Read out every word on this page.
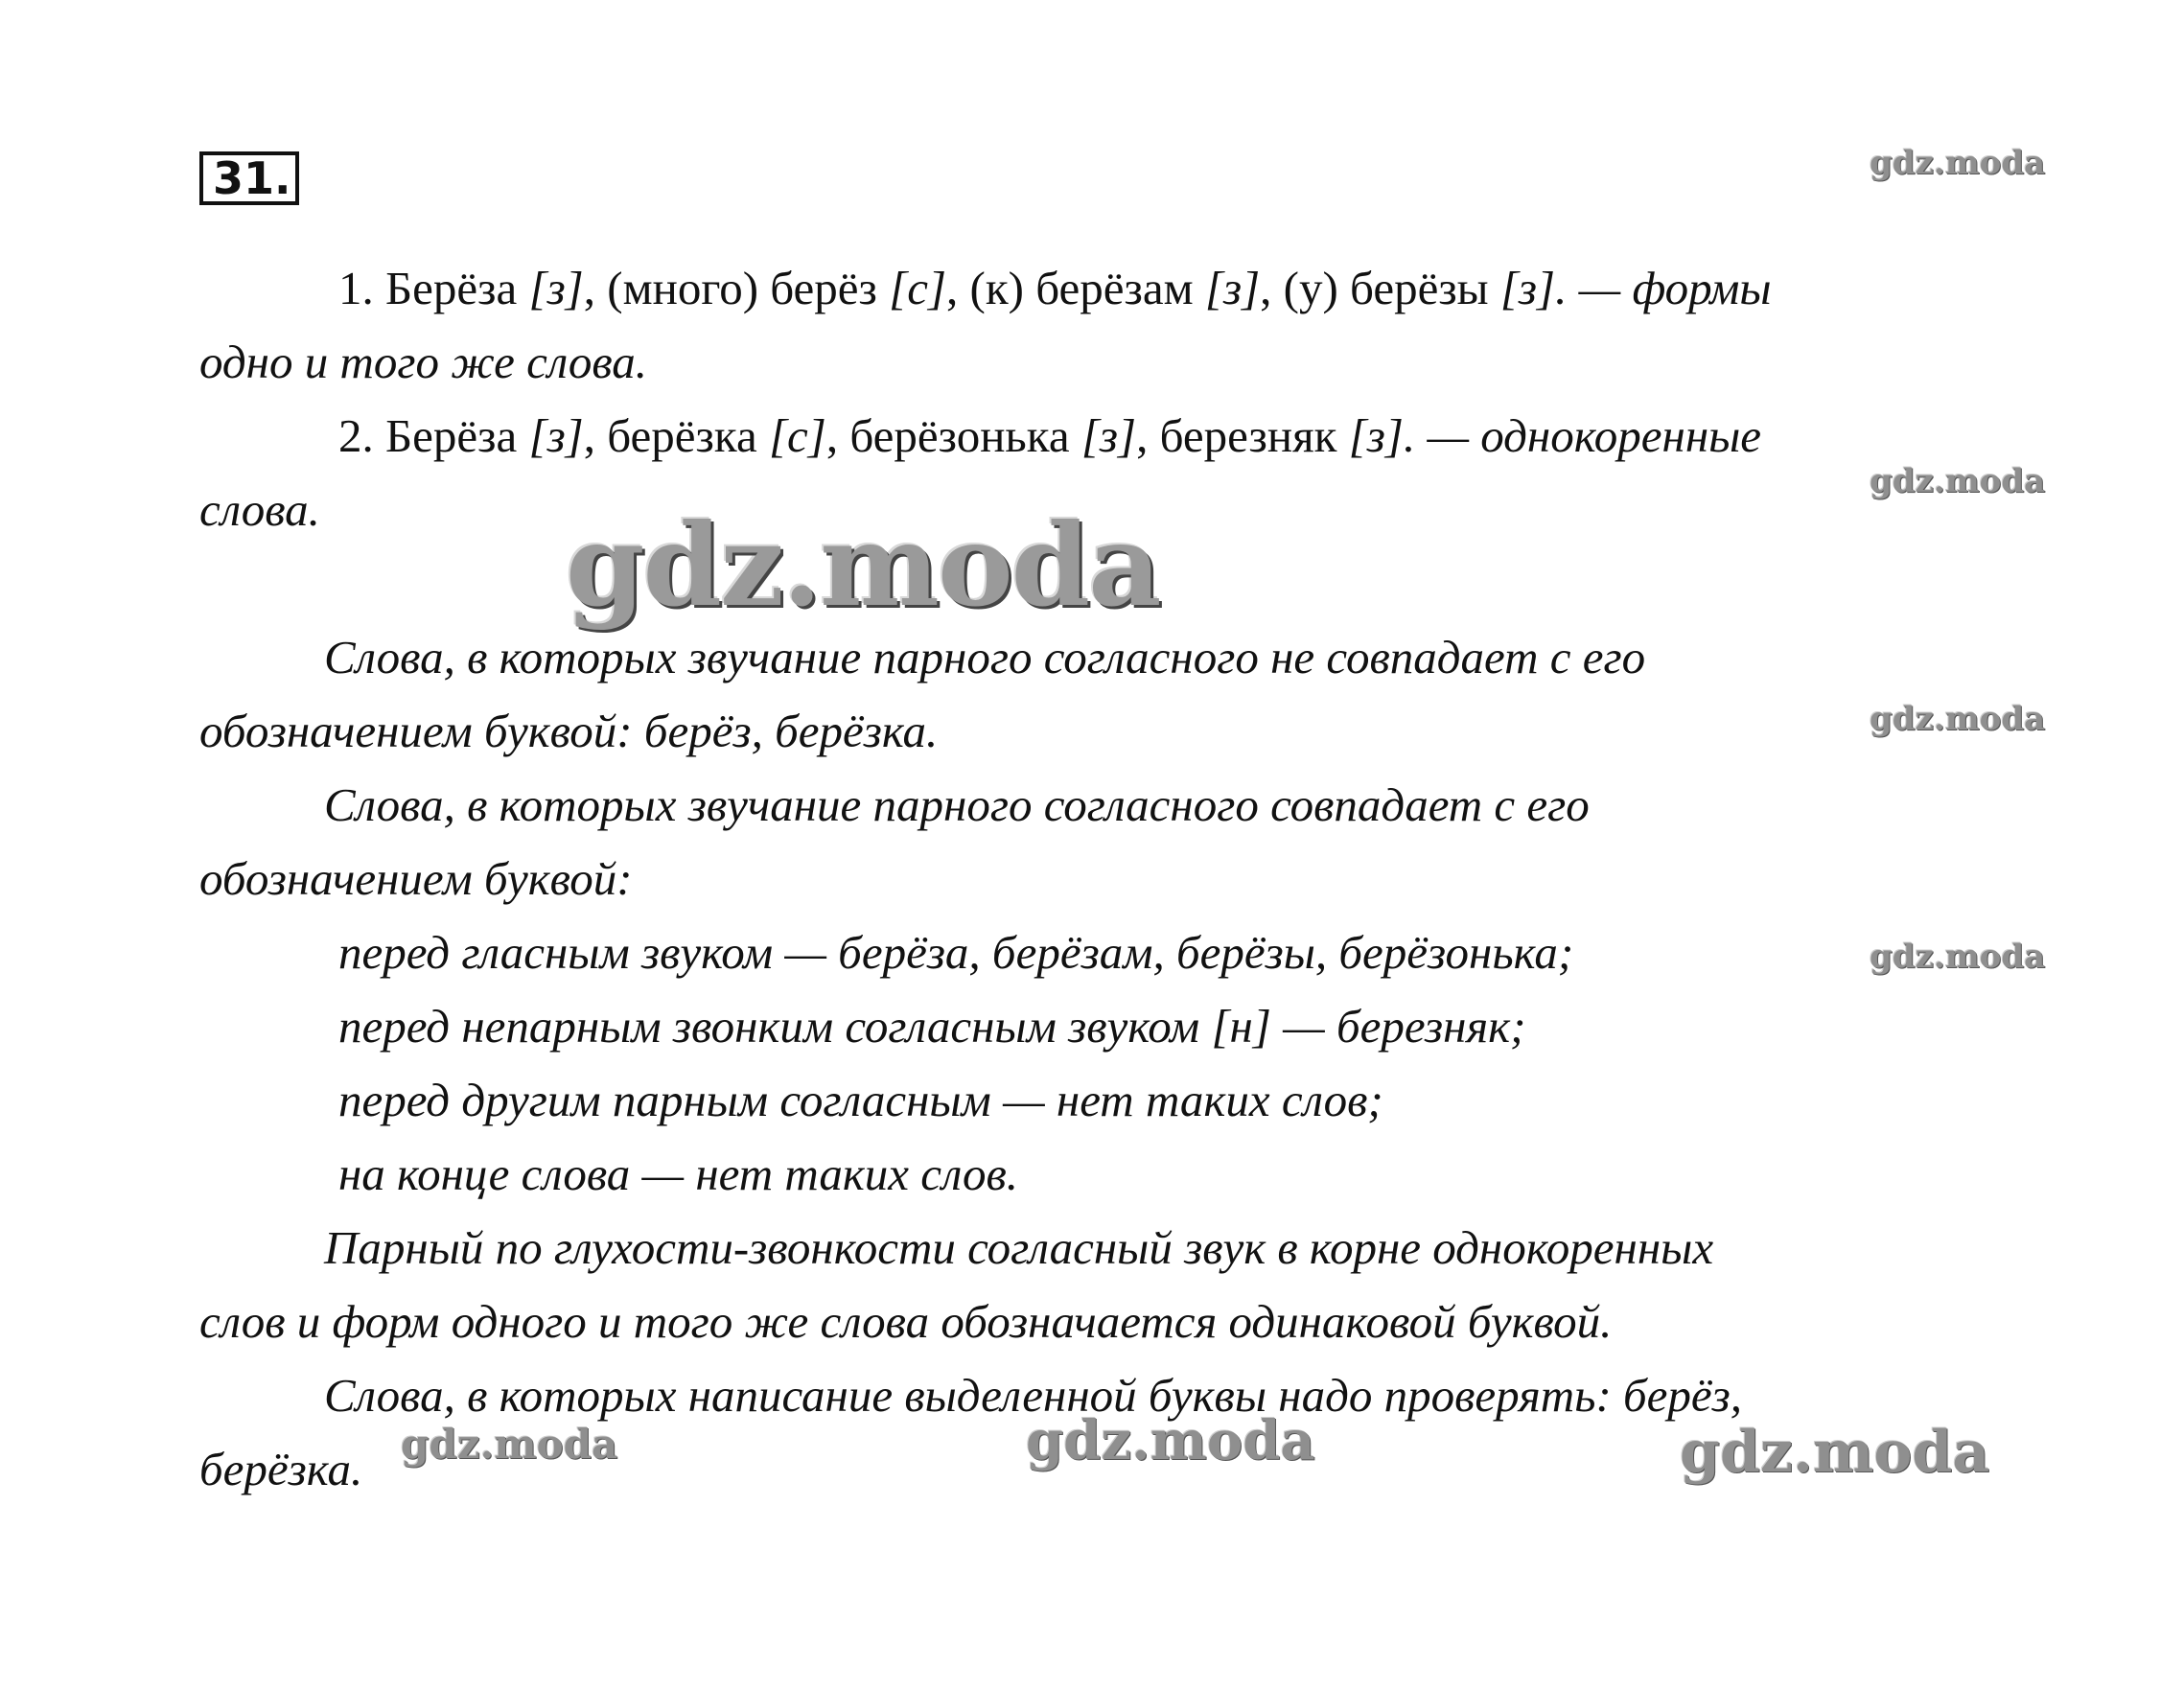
31.
1. Берёза [з], (много) берёз [с], (к) берёзам [з], (у) берёзы [з]. — формы
одно и того же слова.
2. Берёза [з], берёзка [с], берёзонька [з], березняк [з]. — однокоренные
слова.
Слова, в которых звучание парного согласного не совпадает с его
обозначением буквой: берёз, берёзка.
Слова, в которых звучание парного согласного совпадает с его
обозначением буквой:
перед гласным звуком — берёза, берёзам, берёзы, берёзонька;
перед непарным звонким согласным звуком [н] — березняк;
перед другим парным согласным — нет таких слов;
на конце слова — нет таких слов.
Парный по глухости-звонкости согласный звук в корне однокоренных
слов и форм одного и того же слова обозначается одинаковой буквой.
Слова, в которых написание выделенной буквы надо проверять: берёз,
берёзка.
gdz.moda
gdz.moda
gdz.moda
gdz.moda
gdz.moda
gdz.moda	gdz.moda	gdz.moda
